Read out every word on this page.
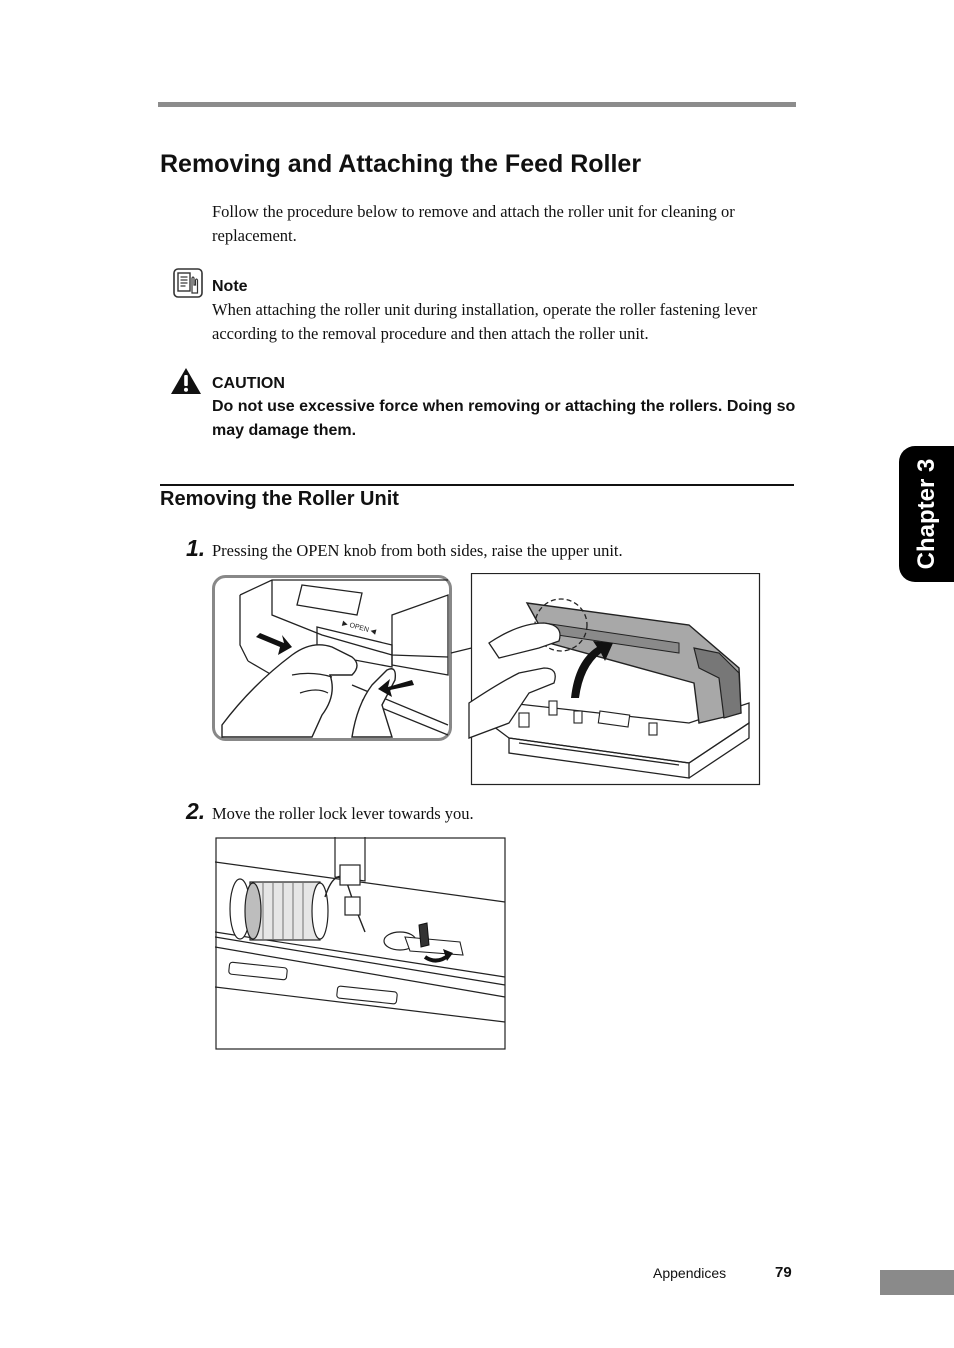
Removing and Attaching the Feed Roller
Follow the procedure below to remove and attach the roller unit for cleaning or replacement.
Note
When attaching the roller unit during installation, operate the roller fastening lever according to the removal procedure and then attach the roller unit.
CAUTION
Do not use excessive force when removing or attaching the rollers. Doing so may damage them.
Removing the Roller Unit
1. Pressing the OPEN knob from both sides, raise the upper unit.
▶ OPEN ◀
2. Move the roller lock lever towards you.
Chapter 3
Appendices	79
